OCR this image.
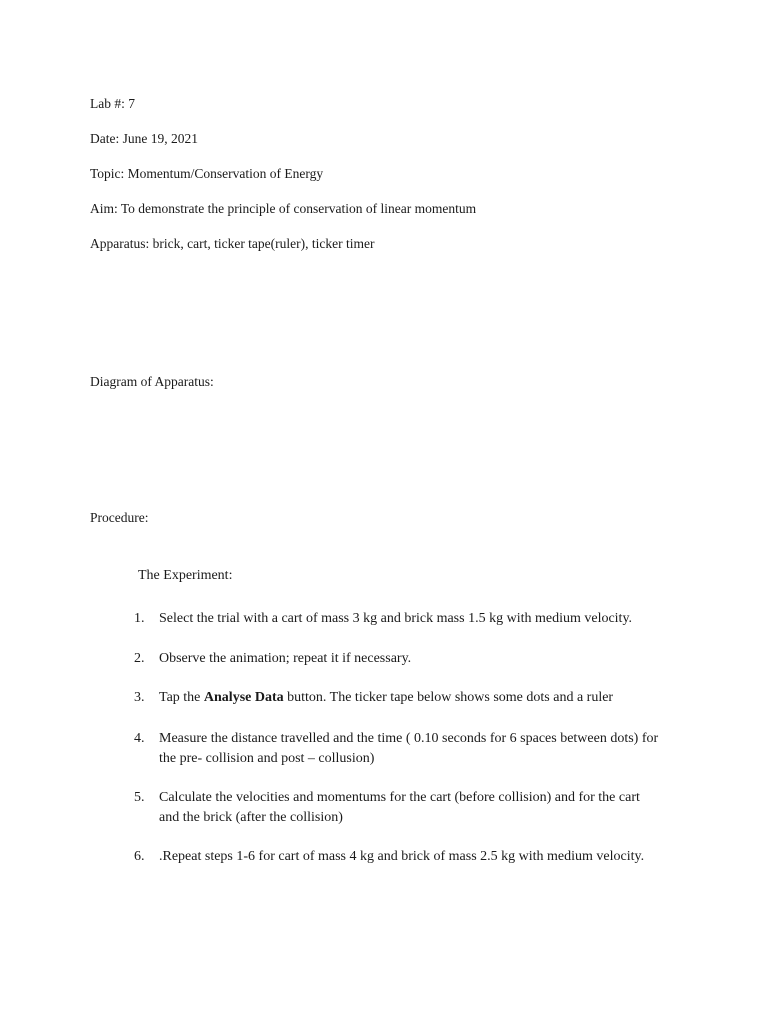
Lab #: 7
Date: June 19, 2021
Topic: Momentum/Conservation of Energy
Aim: To demonstrate the principle of conservation of linear momentum
Apparatus: brick, cart, ticker tape(ruler), ticker timer
Diagram of Apparatus:
Procedure:
The Experiment:
1.	Select the trial with a cart of mass 3 kg and brick mass 1.5 kg with medium velocity.
2.	Observe the animation; repeat it if necessary.
3.	Tap the Analyse Data button. The ticker tape below shows some dots and a ruler
4.	Measure the distance travelled and the time ( 0.10 seconds for 6 spaces between dots) for the pre- collision and post – collusion)
5.	Calculate the velocities and momentums for the cart (before collision) and for the cart and the brick (after the collision)
6.	.Repeat steps 1-6 for cart of mass 4 kg and brick of mass 2.5 kg with medium velocity.
